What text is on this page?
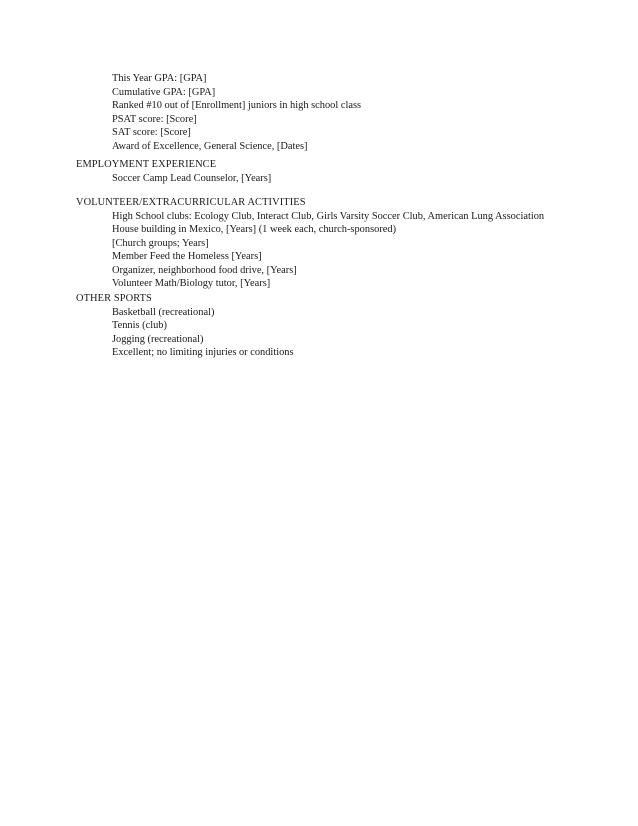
This Year GPA: [GPA]
Cumulative GPA: [GPA]
Ranked #10 out of [Enrollment] juniors in high school class
PSAT score: [Score]
SAT score: [Score]
Award of Excellence, General Science, [Dates]
EMPLOYMENT EXPERIENCE
Soccer Camp Lead Counselor, [Years]
VOLUNTEER/EXTRACURRICULAR ACTIVITIES
High School clubs: Ecology Club, Interact Club, Girls Varsity Soccer Club, American Lung Association
House building in Mexico, [Years] (1 week each, church-sponsored)
[Church groups; Years]
Member Feed the Homeless [Years]
Organizer, neighborhood food drive, [Years]
Volunteer Math/Biology tutor, [Years]
OTHER SPORTS
Basketball (recreational)
Tennis (club)
Jogging (recreational)
Excellent; no limiting injuries or conditions
